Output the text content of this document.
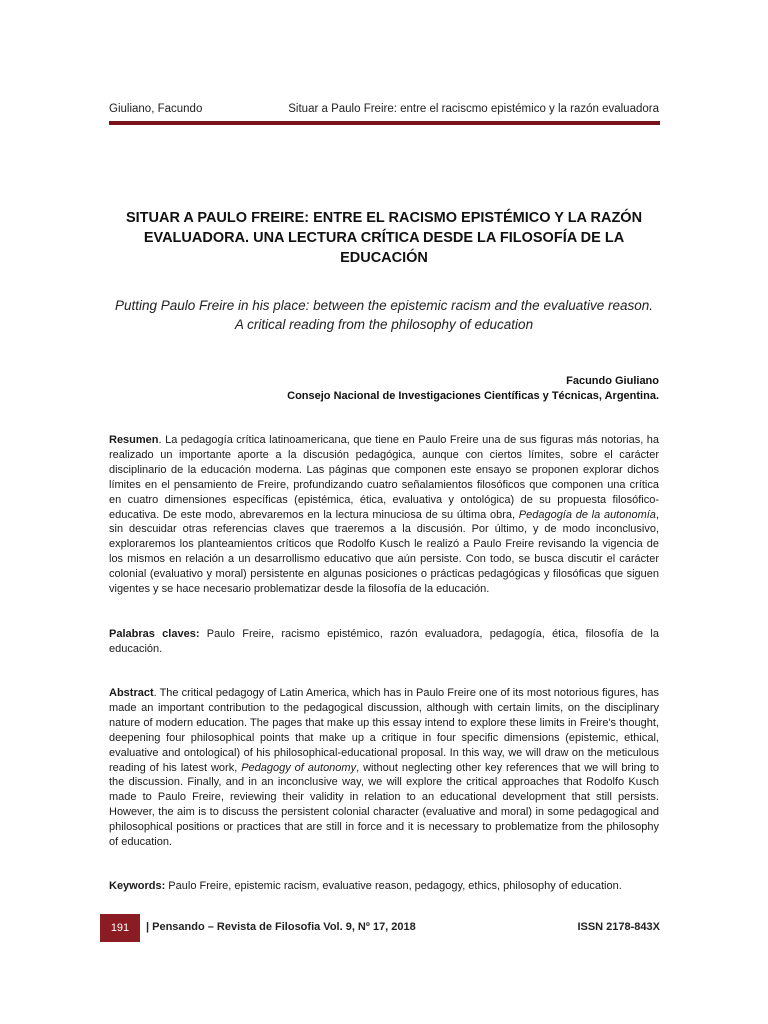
Giuliano, Facundo	Situar a Paulo Freire: entre el raciscmo epistémico y la razón evaluadora
SITUAR A PAULO FREIRE: ENTRE EL RACISMO EPISTÉMICO Y LA RAZÓN EVALUADORA. UNA LECTURA CRÍTICA DESDE LA FILOSOFÍA DE LA EDUCACIÓN
Putting Paulo Freire in his place: between the epistemic racism and the evaluative reason. A critical reading from the philosophy of education
Facundo Giuliano
Consejo Nacional de Investigaciones Científicas y Técnicas, Argentina.

Resumen. La pedagogía crítica latinoamericana, que tiene en Paulo Freire una de sus figuras más notorias, ha realizado un importante aporte a la discusión pedagógica, aunque con ciertos límites, sobre el carácter disciplinario de la educación moderna. Las páginas que componen este ensayo se proponen explorar dichos límites en el pensamiento de Freire, profundizando cuatro señalamientos filosóficos que componen una crítica en cuatro dimensiones específicas (epistémica, ética, evaluativa y ontológica) de su propuesta filosófico-educativa. De este modo, abrevaremos en la lectura minuciosa de su última obra, Pedagogía de la autonomía, sin descuidar otras referencias claves que traeremos a la discusión. Por último, y de modo inconclusivo, exploraremos los planteamientos críticos que Rodolfo Kusch le realizó a Paulo Freire revisando la vigencia de los mismos en relación a un desarrollismo educativo que aún persiste. Con todo, se busca discutir el carácter colonial (evaluativo y moral) persistente en algunas posiciones o prácticas pedagógicas y filosóficas que siguen vigentes y se hace necesario problematizar desde la filosofía de la educación.

Palabras claves: Paulo Freire, racismo epistémico, razón evaluadora, pedagogía, ética, filosofía de la educación.

Abstract. The critical pedagogy of Latin America, which has in Paulo Freire one of its most notorious figures, has made an important contribution to the pedagogical discussion, although with certain limits, on the disciplinary nature of modern education. The pages that make up this essay intend to explore these limits in Freire's thought, deepening four philosophical points that make up a critique in four specific dimensions (epistemic, ethical, evaluative and ontological) of his philosophical-educational proposal. In this way, we will draw on the meticulous reading of his latest work, Pedagogy of autonomy, without neglecting other key references that we will bring to the discussion. Finally, and in an inconclusive way, we will explore the critical approaches that Rodolfo Kusch made to Paulo Freire, reviewing their validity in relation to an educational development that still persists. However, the aim is to discuss the persistent colonial character (evaluative and moral) in some pedagogical and philosophical positions or practices that are still in force and it is necessary to problematize from the philosophy of education.

Keywords: Paulo Freire, epistemic racism, evaluative reason, pedagogy, ethics, philosophy of education.

191	| Pensando – Revista de Filosofia Vol. 9, Nº 17, 2018	ISSN 2178-843X
